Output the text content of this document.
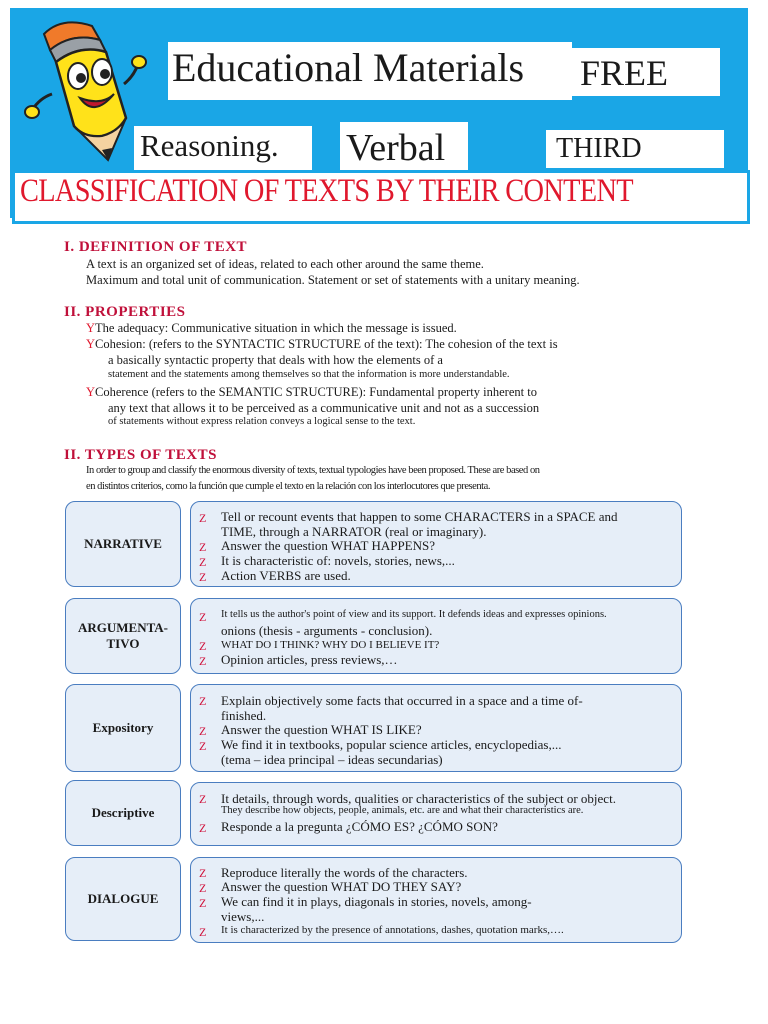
Educational Materials FREE
Reasoning. Verbal	THIRD
CLASSIFICATION OF TEXTS BY THEIR CONTENT
I. DEFINITION OF TEXT
A text is an organized set of ideas, related to each other around the same theme.
Maximum and total unit of communication. Statement or set of statements with a unitary meaning.
II. PROPERTIES
YThe adequacy: Communicative situation in which the message is issued.
YCohesion: (refers to the SYNTACTIC STRUCTURE of the text): The cohesion of the text is
a basically syntactic property that deals with how the elements of a
statement and the statements among themselves so that the information is more understandable.
YCoherence (refers to the SEMANTIC STRUCTURE): Fundamental property inherent to
any text that allows it to be perceived as a communicative unit and not as a succession
of statements without express relation conveys a logical sense to the text.
II. TYPES OF TEXTS
In order to group and classify the enormous diversity of texts, textual typologies have been proposed. These are based on
en distintos criterios, como la función que cumple el texto en la relación con los interlocutores que presenta.
NARRATIVE
Z Tell or recount events that happen to some CHARACTERS in a SPACE and
TIME, through a NARRATOR (real or imaginary).
Z Answer the question WHAT HAPPENS?
Z It is characteristic of: novels, stories, news,...
Z Action VERBS are used.
ARGUMENTA-
TIVO
Z It tells us the author's point of view and its support. It defends ideas and expresses opinions.
onions (thesis - arguments - conclusion).
Z WHAT DO I THINK? WHY DO I BELIEVE IT?
Z Opinion articles, press reviews,…
Expository
Z Explain objectively some facts that occurred in a space and a time of-
finished.
Z Answer the question WHAT IS LIKE?
Z We find it in textbooks, popular science articles, encyclopedias,...
(tema – idea principal – ideas secundarias)
Descriptive
Z It details, through words, qualities or characteristics of the subject or object.
They describe how objects, people, animals, etc. are and what their characteristics are.
Z Responde a la pregunta ¿CÓMO ES? ¿CÓMO SON?
DIALOGUE
Z Reproduce literally the words of the characters.
Z Answer the question WHAT DO THEY SAY?
Z We can find it in plays, diagonals in stories, novels, among-
views,...
Z It is characterized by the presence of annotations, dashes, quotation marks,….
